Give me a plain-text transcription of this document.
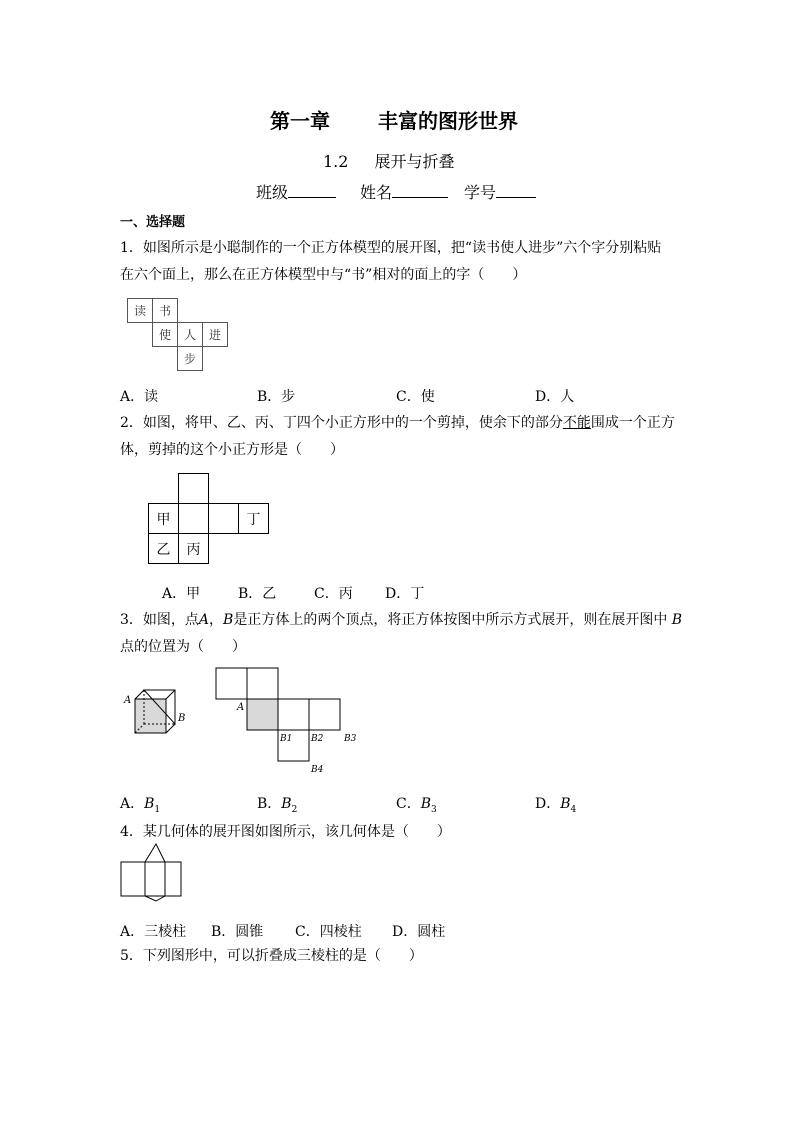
第一章 丰富的图形世界
1.2 展开与折叠
班级	姓名	学号
一、选择题
1．如图所示是小聪制作的一个正方体模型的展开图，把“读书使人进步”六个字分别粘贴
在六个面上，那么在正方体模型中与“书”相对的面上的字（　　）
读	书
使	人	进
步
A．读	B．步	C．使	D．人
2．如图，将甲、乙、丙、丁四个小正方形中的一个剪掉，使余下的部分不能围成一个正方
体，剪掉的这个小正方形是（　　）
甲	丁
乙	丙
A．甲	B．乙	C．丙 D．丁
3．如图，点A，B是正方体上的两个顶点，将正方体按图中所示方式展开，则在展开图中 B
点的位置为（　　）
A
B
A
B1 B2 B3
B4
A．$B_1$	B．$B_2$	C．$B_3$	D．$B_4$
4．某几何体的展开图如图所示，该几何体是（　　）
A．三棱柱 B．圆锥 C．四棱柱 D．圆柱
5．下列图形中，可以折叠成三棱柱的是（　　）
